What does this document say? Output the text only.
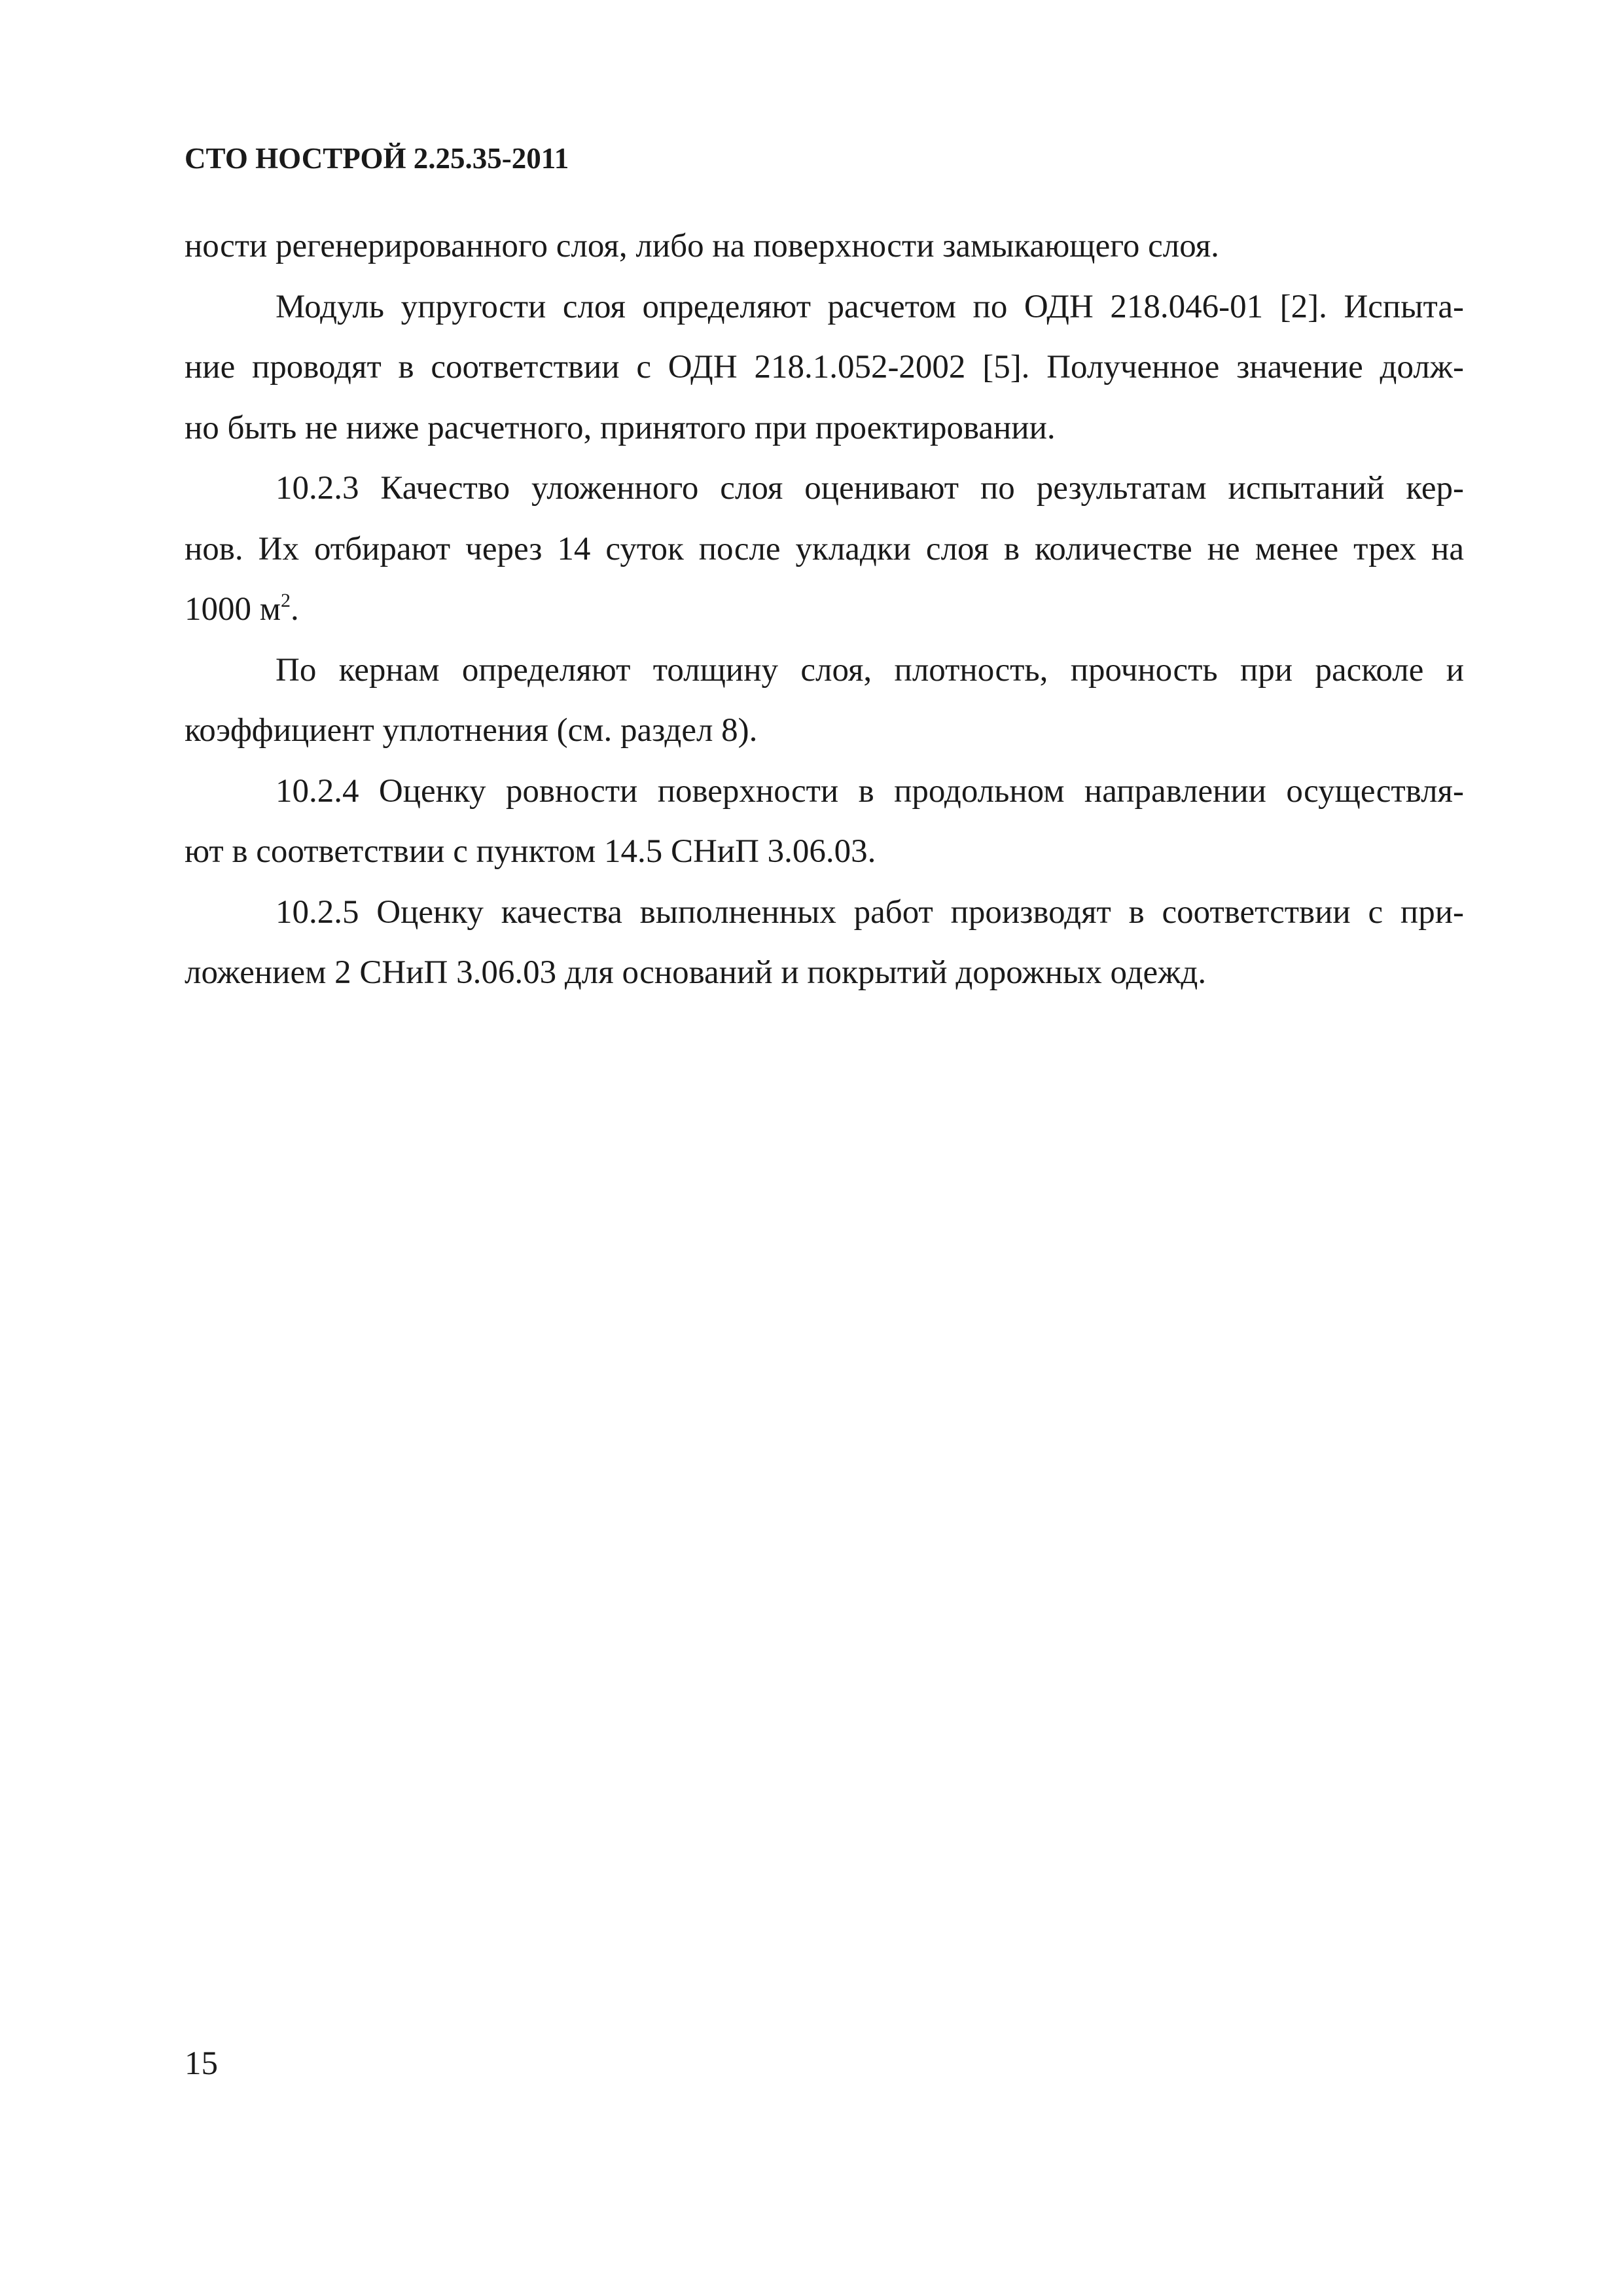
СТО НОСТРОЙ 2.25.35-2011
ности регенерированного слоя, либо на поверхности замыкающего слоя.
Модуль упругости слоя определяют расчетом по ОДН 218.046-01 [2]. Испыта-
ние проводят в соответствии с ОДН 218.1.052-2002 [5]. Полученное значение долж-
но быть не ниже расчетного, принятого при проектировании.
10.2.3 Качество уложенного слоя оценивают по результатам испытаний кер-
нов. Их отбирают через 14 суток после укладки слоя в количестве не менее трех на
1000 $м^2$.
По кернам определяют толщину слоя, плотность, прочность при расколе и
коэффициент уплотнения (см. раздел 8).
10.2.4 Оценку ровности поверхности в продольном направлении осуществля-
ют в соответствии с пунктом 14.5 СНиП 3.06.03.
10.2.5 Оценку качества выполненных работ производят в соответствии с при-
ложением 2 СНиП 3.06.03 для оснований и покрытий дорожных одежд.
15
